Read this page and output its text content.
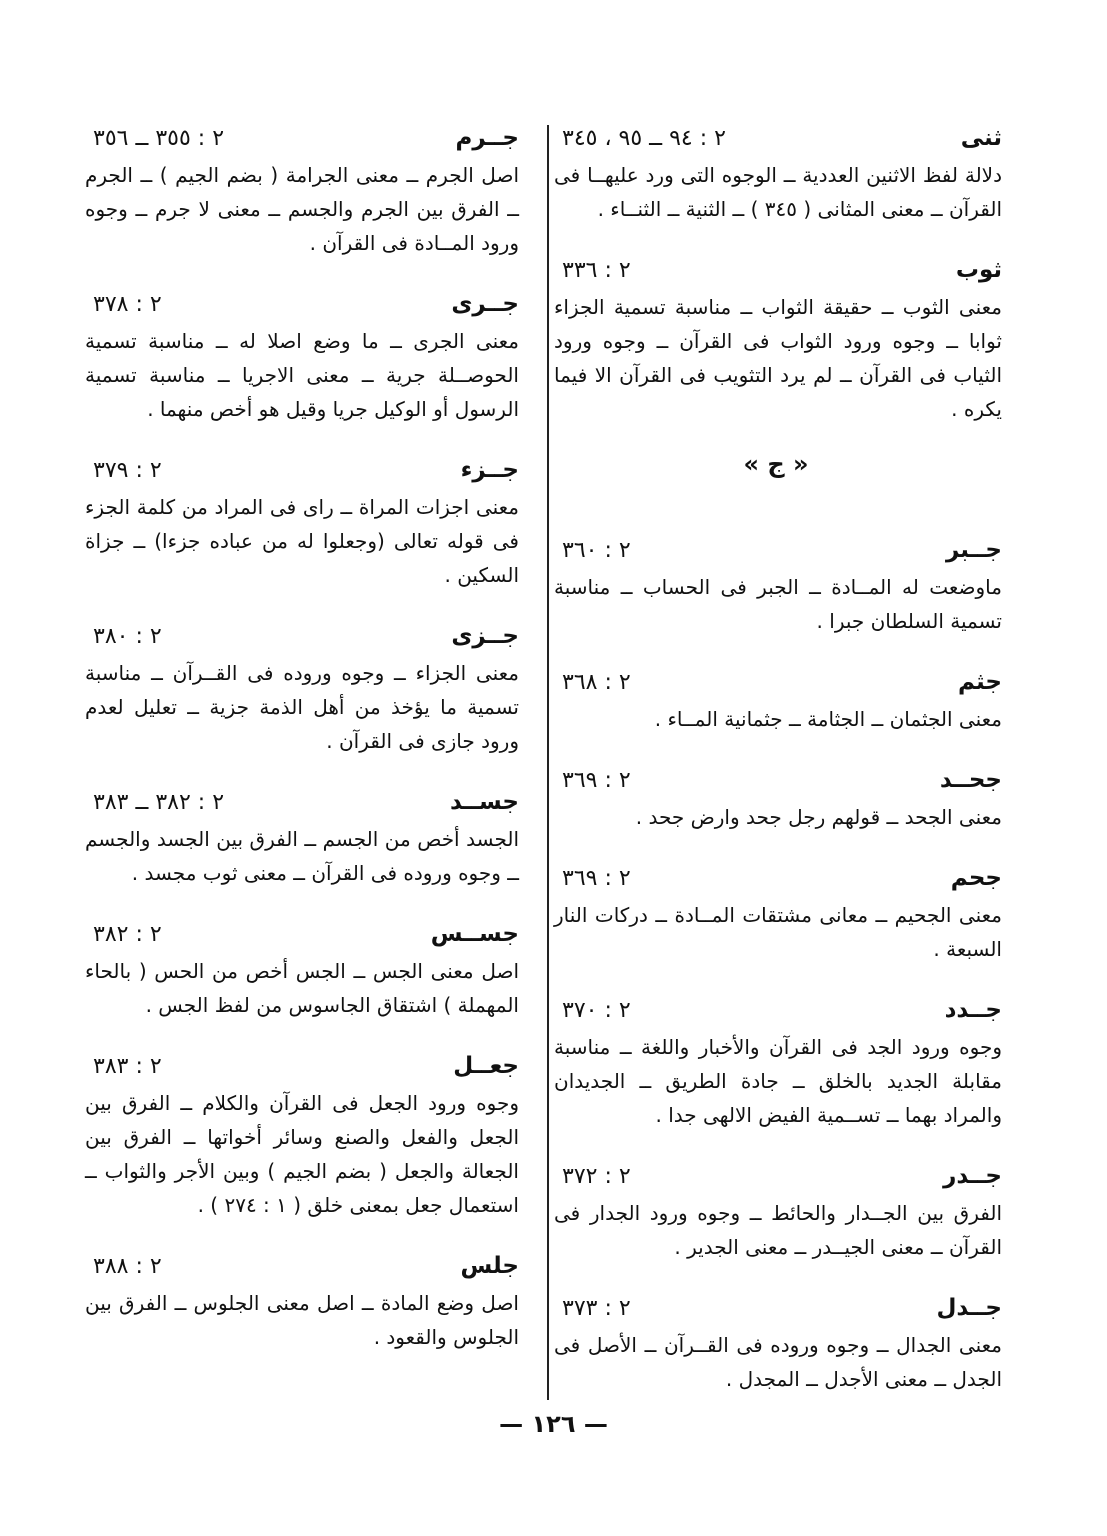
ثنى
٢ : ٩٤ ــ ٩٥ ، ٣٤٥

دلالة لفظ الاثنين العددية ــ الوجوه التى ورد عليهــا فى القرآن ــ معنى المثانى ( ٣٤٥ ) ــ الثنية ــ الثنــاء .

ثوب
٢ : ٣٣٦

معنى الثوب ــ حقيقة الثواب ــ مناسبة تسمية الجزاء ثوابا ــ وجوه ورود الثواب فى القرآن ــ وجوه ورود الثياب فى القرآن ــ لم يرد التثويب فى القرآن الا فيما يكره .

« ج »
جــبر
٢ : ٣٦٠

ماوضعت له المــادة ــ الجبر فى الحساب ــ مناسبة تسمية السلطان جبرا .

جثم
٢ : ٣٦٨

معنى الجثمان ــ الجثامة ــ جثمانية المــاء .

جحــد
٢ : ٣٦٩

معنى الجحد ــ قولهم رجل جحد وارض جحد .

جحم
٢ : ٣٦٩

معنى الجحيم ــ معانى مشتقات المــادة ــ دركات النار السبعة .

جــدد
٢ : ٣٧٠

وجوه ورود الجد فى القرآن والأخبار واللغة ــ مناسبة مقابلة الجديد بالخلق ــ جادة الطريق ــ الجديدان والمراد بهما ــ تســمية الفيض الالهى جدا .

جــدر
٢ : ٣٧٢

الفرق بين الجــدار والحائط ــ وجوه ورود الجدار فى القرآن ــ معنى الجيــدر ــ معنى الجدير .

جــدل
٢ : ٣٧٣

معنى الجدال ــ وجوه وروده فى القــرآن ــ الأصل فى الجدل ــ معنى الأجدل ــ المجدل .

جــرم
٢ : ٣٥٥ ــ ٣٥٦

اصل الجرم ــ معنى الجرامة ( بضم الجيم ) ــ الجرم ــ الفرق بين الجرم والجسم ــ معنى لا جرم ــ وجوه ورود المــادة فى القرآن .

جــرى
٢ : ٣٧٨

معنى الجرى ــ ما وضع اصلا له ــ مناسبة تسمية الحوصــلة جرية ــ معنى الاجريا ــ مناسبة تسمية الرسول أو الوكيل جريا وقيل هو أخص منهما .

جــزء
٢ : ٣٧٩

معنى اجزات المراة ــ راى فى المراد من كلمة الجزء فى قوله تعالى (وجعلوا له من عباده جزءا) ــ جزاة السكين .

جــزى
٢ : ٣٨٠

معنى الجزاء ــ وجوه وروده فى القــرآن ــ مناسبة تسمية ما يؤخذ من أهل الذمة جزية ــ تعليل لعدم ورود جازى فى القرآن .

جســد
٢ : ٣٨٢ ــ ٣٨٣

الجسد أخص من الجسم ــ الفرق بين الجسد والجسم ــ وجوه وروده فى القرآن ــ معنى ثوب مجسد .

جســس
٢ : ٣٨٢

اصل معنى الجس ــ الجس أخص من الحس ( بالحاء المهملة ) اشتقاق الجاسوس من لفظ الجس .

جعــل
٢ : ٣٨٣

وجوه ورود الجعل فى القرآن والكلام ــ الفرق بين الجعل والفعل والصنع وسائر أخواتها ــ الفرق بين الجعالة والجعل ( بضم الجيم ) وبين الأجر والثواب ــ استعمال جعل بمعنى خلق ( ١ : ٢٧٤ ) .

جلس
٢ : ٣٨٨

اصل وضع المادة ــ اصل معنى الجلوس ــ الفرق بين الجلوس والقعود .

— ١٢٦ —
